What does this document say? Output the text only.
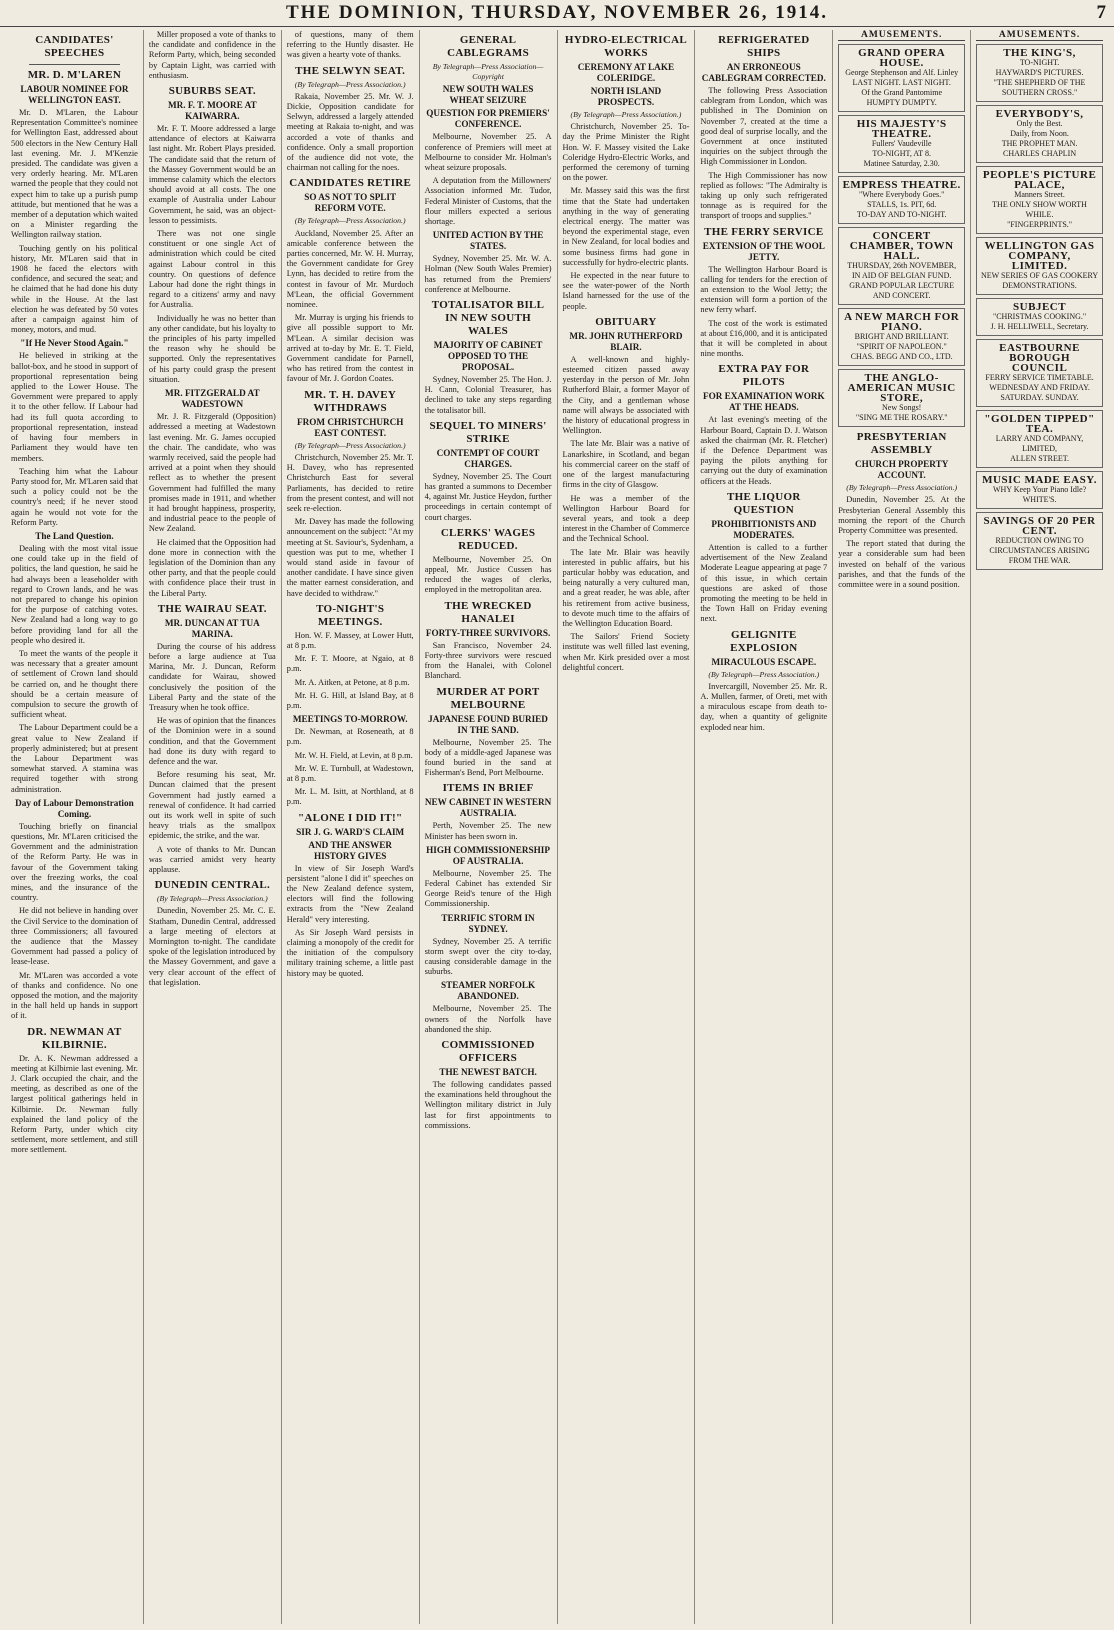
THE DOMINION, THURSDAY, NOVEMBER 26, 1914.	7
CANDIDATES' SPEECHES
MR. D. M'LAREN
LABOUR NOMINEE FOR WELLINGTON EAST.

Mr. D. M'Laren, the Labour Representation Committee's nominee for Wellington East, addressed about 500 electors in the New Century Hall last evening. Mr. J. M'Kenzie presided. The candidate was given a very orderly hearing. Mr. M'Laren warned the people that they could not expect him to take up a purish pump attitude, but mentioned that he was a member of a deputation which waited on a Minister regarding the Wellington railway station.

Touching gently on his political history, Mr. M'Laren said that in 1908 he faced the electors with confidence, and secured the seat; and he claimed that he had done his duty while in the House. At the last election he was defeated by 50 votes after a campaign against him of money, motors, and mud.

"If He Never Stood Again."

He believed in striking at the ballot-box, and he stood in support of proportional representation being applied to the Lower House. The Government were prepared to apply it to the other fellow. If Labour had had its full quota according to proportional representation, instead of having four members in Parliament they would have ten members.

Teaching him what the Labour Party stood for, Mr. M'Laren said that such a policy could not be the country's need; if he never stood again he would not vote for the Reform Party.

The Land Question.

Dealing with the most vital issue one could take up in the field of politics, the land question, he said he had always been a leaseholder with regard to Crown lands, and he was not prepared to change his opinion for the purpose of catching votes. New Zealand had a long way to go before providing land for all the people who desired it.

To meet the wants of the people it was necessary that a greater amount of settlement of Crown land should be carried on, and he thought there should be a certain measure of compulsion to secure the growth of sufficient wheat.

The Labour Department could be a great value to New Zealand if properly administered; but at present the Labour Department was somewhat starved. A stamina was required together with strong administration.

Day of Labour Demonstration Coming.

Touching briefly on financial questions, Mr. M'Laren criticised the Government and the administration of the Reform Party. He was in favour of the Government taking over the freezing works, the coal mines, and the insurance of the country.

He did not believe in handing over the Civil Service to the domination of three Commissioners; all favoured the audience that the Massey Government had passed a policy of lease-lease.

Mr. M'Laren was accorded a vote of thanks and confidence. No one opposed the motion, and the majority in the hall held up hands in support of it.

DR. NEWMAN AT KILBIRNIE.

Dr. A. K. Newman addressed a meeting at Kilbirnie last evening. Mr. J. Clark occupied the chair, and the meeting, as described as one of the largest political gatherings held in Kilbirnie. Dr. Newman fully explained the land policy of the Reform Party, under which city settlement, more settlement, and still more settlement.

Miller proposed a vote of thanks to the candidate and confidence in the Reform Party, which, being seconded by Captain Light, was carried with enthusiasm.

SUBURBS SEAT.
MR. F. T. MOORE AT KAIWARRA.

Mr. F. T. Moore addressed a large attendance of electors at Kaiwarra last night. Mr. Robert Plays presided. The candidate said that the return of the Massey Government would be an immense calamity which the electors should avoid at all costs. The one example of Australia under Labour Government, he said, was an object-lesson to pessimists.

There was not one single constituent or one single Act of administration which could be cited against Labour control in this country. On questions of defence Labour had done the right things in regard to a citizens' army and navy for Australia.

Individually he was no better than any other candidate, but his loyalty to the principles of his party impelled the reason why he should be supported. Only the representatives of his party could grasp the present situation.

MR. FITZGERALD AT WADESTOWN

Mr. J. R. Fitzgerald (Opposition) addressed a meeting at Wadestown last evening. Mr. G. James occupied the chair. The candidate, who was warmly received, said the people had arrived at a point when they should reflect as to whether the present Government had fulfilled the many promises made in 1911, and whether it had brought happiness, prosperity, and industrial peace to the people of New Zealand.

He claimed that the Opposition had done more in connection with the legislation of the Dominion than any other party, and that the people could with confidence place their trust in the Liberal Party.

THE WAIRAU SEAT.
MR. DUNCAN AT TUA MARINA.

During the course of his address before a large audience at Tua Marina, Mr. J. Duncan, Reform candidate for Wairau, showed conclusively the position of the Liberal Party and the state of the Treasury when he took office.

He was of opinion that the finances of the Dominion were in a sound condition, and that the Government had done its duty with regard to defence and the war.

Before resuming his seat, Mr. Duncan claimed that the present Government had justly earned a renewal of confidence. It had carried out its work well in spite of such heavy trials as the smallpox epidemic, the strike, and the war.

A vote of thanks to Mr. Duncan was carried amidst very hearty applause.

DUNEDIN CENTRAL.
(By Telegraph—Press Association.)

Dunedin, November 25. Mr. C. E. Statham, Dunedin Central, addressed a large meeting of electors at Mornington to-night. The candidate spoke of the legislation introduced by the Massey Government, and gave a very clear account of the effect of that legislation.

of questions, many of them referring to the Huntly disaster. He was given a hearty vote of thanks.

THE SELWYN SEAT.
(By Telegraph—Press Association.)

Rakaia, November 25. Mr. W. J. Dickie, Opposition candidate for Selwyn, addressed a largely attended meeting at Rakaia to-night, and was accorded a vote of thanks and confidence. Only a small proportion of the audience did not vote, the chairman not calling for the noes.

CANDIDATES RETIRE
SO AS NOT TO SPLIT REFORM VOTE.
(By Telegraph—Press Association.)

Auckland, November 25. After an amicable conference between the parties concerned, Mr. W. H. Murray, the Government candidate for Grey Lynn, has decided to retire from the contest in favour of Mr. Murdoch M'Lean, the official Government nominee.

Mr. Murray is urging his friends to give all possible support to Mr. M'Lean. A similar decision was arrived at to-day by Mr. E. T. Field, Government candidate for Parnell, who has retired from the contest in favour of Mr. J. Gordon Coates.

MR. T. H. DAVEY WITHDRAWS
FROM CHRISTCHURCH EAST CONTEST.
(By Telegraph—Press Association.)

Christchurch, November 25. Mr. T. H. Davey, who has represented Christchurch East for several Parliaments, has decided to retire from the present contest, and will not seek re-election.

Mr. Davey has made the following announcement on the subject: "At my meeting at St. Saviour's, Sydenham, a question was put to me, whether I would stand aside in favour of another candidate. I have since given the matter earnest consideration, and have decided to withdraw."

TO-NIGHT'S MEETINGS.

Hon. W. F. Massey, at Lower Hutt, at 8 p.m.

Mr. F. T. Moore, at Ngaio, at 8 p.m.

Mr. A. Aitken, at Petone, at 8 p.m.

Mr. H. G. Hill, at Island Bay, at 8 p.m.

MEETINGS TO-MORROW.

Dr. Newman, at Roseneath, at 8 p.m.

Mr. W. H. Field, at Levin, at 8 p.m.

Mr. W. E. Turnbull, at Wadestown, at 8 p.m.

Mr. L. M. Isitt, at Northland, at 8 p.m.

"ALONE I DID IT!"
SIR J. G. WARD'S CLAIM
AND THE ANSWER HISTORY GIVES

In view of Sir Joseph Ward's persistent "alone I did it" speeches on the New Zealand defence system, electors will find the following extracts from the "New Zealand Herald" very interesting.

As Sir Joseph Ward persists in claiming a monopoly of the credit for the initiation of the compulsory military training scheme, a little past history may be quoted.

GENERAL CABLEGRAMS
By Telegraph—Press Association—Copyright
NEW SOUTH WALES WHEAT SEIZURE
QUESTION FOR PREMIERS' CONFERENCE.

Melbourne, November 25. A conference of Premiers will meet at Melbourne to consider Mr. Holman's wheat seizure proposals.

A deputation from the Millowners' Association informed Mr. Tudor, Federal Minister of Customs, that the flour millers expected a serious shortage.

UNITED ACTION BY THE STATES.

Sydney, November 25. Mr. W. A. Holman (New South Wales Premier) has returned from the Premiers' conference at Melbourne.

TOTALISATOR BILL IN NEW SOUTH WALES
MAJORITY OF CABINET OPPOSED TO THE PROPOSAL.

Sydney, November 25. The Hon. J. H. Cann, Colonial Treasurer, has declined to take any steps regarding the totalisator bill.

SEQUEL TO MINERS' STRIKE
CONTEMPT OF COURT CHARGES.

Sydney, November 25. The Court has granted a summons to December 4, against Mr. Justice Heydon, further proceedings in certain contempt of court charges.

CLERKS' WAGES REDUCED.

Melbourne, November 25. On appeal, Mr. Justice Cussen has reduced the wages of clerks, employed in the metropolitan area.

THE WRECKED HANALEI
FORTY-THREE SURVIVORS.

San Francisco, November 24. Forty-three survivors were rescued from the Hanalei, with Colonel Blanchard.

MURDER AT PORT MELBOURNE
JAPANESE FOUND BURIED IN THE SAND.

Melbourne, November 25. The body of a middle-aged Japanese was found buried in the sand at Fisherman's Bend, Port Melbourne.

ITEMS IN BRIEF
NEW CABINET IN WESTERN AUSTRALIA.

Perth, November 25. The new Minister has been sworn in.

HIGH COMMISSIONERSHIP OF AUSTRALIA.

Melbourne, November 25. The Federal Cabinet has extended Sir George Reid's tenure of the High Commissionership.

TERRIFIC STORM IN SYDNEY.

Sydney, November 25. A terrific storm swept over the city to-day, causing considerable damage in the suburbs.

STEAMER NORFOLK ABANDONED.

Melbourne, November 25. The owners of the Norfolk have abandoned the ship.

COMMISSIONED OFFICERS
THE NEWEST BATCH.

The following candidates passed the examinations held throughout the Wellington military district in July last for first appointments to commissions.

HYDRO-ELECTRICAL WORKS
CEREMONY AT LAKE COLERIDGE.
NORTH ISLAND PROSPECTS.
(By Telegraph—Press Association.)

Christchurch, November 25. To-day the Prime Minister the Right Hon. W. F. Massey visited the Lake Coleridge Hydro-Electric Works, and performed the ceremony of turning on the power.

Mr. Massey said this was the first time that the State had undertaken anything in the way of generating electrical energy. The matter was beyond the experimental stage, even in New Zealand, for local bodies and some business firms had gone in successfully for hydro-electric plants.

He expected in the near future to see the water-power of the North Island harnessed for the use of the people.

OBITUARY
MR. JOHN RUTHERFORD BLAIR.

A well-known and highly-esteemed citizen passed away yesterday in the person of Mr. John Rutherford Blair, a former Mayor of the City, and a gentleman whose name will always be associated with the history of educational progress in Wellington.

The late Mr. Blair was a native of Lanarkshire, in Scotland, and began his commercial career on the staff of one of the largest manufacturing firms in the city of Glasgow.

He was a member of the Wellington Harbour Board for several years, and took a deep interest in the Chamber of Commerce and the Technical School.

The late Mr. Blair was heavily interested in public affairs, but his particular hobby was education, and being naturally a very cultured man, and a great reader, he was able, after his retirement from active business, to devote much time to the affairs of the Wellington Education Board.

The Sailors' Friend Society institute was well filled last evening, when Mr. Kirk presided over a most delightful concert.

REFRIGERATED SHIPS
AN ERRONEOUS CABLEGRAM CORRECTED.

The following Press Association cablegram from London, which was published in The Dominion on November 7, created at the time a good deal of surprise locally, and the Government at once instituted inquiries on the subject through the High Commissioner in London.

The High Commissioner has now replied as follows: "The Admiralty is taking up only such refrigerated tonnage as is required for the transport of troops and supplies."

THE FERRY SERVICE
EXTENSION OF THE WOOL JETTY.

The Wellington Harbour Board is calling for tenders for the erection of an extension to the Wool Jetty; the extension will form a portion of the new ferry wharf.

The cost of the work is estimated at about £16,000, and it is anticipated that it will be completed in about nine months.

EXTRA PAY FOR PILOTS
FOR EXAMINATION WORK AT THE HEADS.

At last evening's meeting of the Harbour Board, Captain D. J. Watson asked the chairman (Mr. R. Fletcher) if the Defence Department was paying the pilots anything for carrying out the duty of examination officers at the Heads.

THE LIQUOR QUESTION
PROHIBITIONISTS AND MODERATES.

Attention is called to a further advertisement of the New Zealand Moderate League appearing at page 7 of this issue, in which certain questions are asked of those promoting the meeting to be held in the Town Hall on Friday evening next.

GELIGNITE EXPLOSION
MIRACULOUS ESCAPE.
(By Telegraph—Press Association.)

Invercargill, November 25. Mr. R. A. Mullen, farmer, of Oreti, met with a miraculous escape from death to-day, when a quantity of gelignite exploded near him.

AMUSEMENTS.
GRAND OPERA HOUSE.
George Stephenson and Alf. Linley
LAST NIGHT. LAST NIGHT.
Of the Grand Pantomime
HUMPTY DUMPTY.
HIS MAJESTY'S THEATRE.
Fullers' Vaudeville
TO-NIGHT, AT 8.
Matinee Saturday, 2.30.
EMPRESS THEATRE.
"Where Everybody Goes."
STALLS, 1s. PIT, 6d.
TO-DAY AND TO-NIGHT.
CONCERT CHAMBER, TOWN HALL.
THURSDAY, 26th NOVEMBER,
IN AID OF BELGIAN FUND.
GRAND POPULAR LECTURE AND CONCERT.
A NEW MARCH FOR PIANO.
BRIGHT AND BRILLIANT.
"SPIRIT OF NAPOLEON."
CHAS. BEGG AND CO., LTD.
THE ANGLO-AMERICAN MUSIC STORE,
New Songs!
"SING ME THE ROSARY."
PRESBYTERIAN ASSEMBLY
CHURCH PROPERTY ACCOUNT.
(By Telegraph—Press Association.)

Dunedin, November 25. At the Presbyterian General Assembly this morning the report of the Church Property Committee was presented.

The report stated that during the year a considerable sum had been invested on behalf of the various parishes, and that the funds of the committee were in a sound position.

AMUSEMENTS.
THE KING'S,
TO-NIGHT.
HAYWARD'S PICTURES.
"THE SHEPHERD OF THE SOUTHERN CROSS."
EVERYBODY'S,
Only the Best.
Daily, from Noon.
THE PROPHET MAN.
CHARLES CHAPLIN
PEOPLE'S PICTURE PALACE,
Manners Street.
THE ONLY SHOW WORTH WHILE.
"FINGERPRINTS."
WELLINGTON GAS COMPANY, LIMITED.
NEW SERIES OF GAS COOKERY DEMONSTRATIONS.
SUBJECT
"CHRISTMAS COOKING."
J. H. HELLIWELL, Secretary.
EASTBOURNE BOROUGH COUNCIL
FERRY SERVICE TIMETABLE.
WEDNESDAY AND FRIDAY.
SATURDAY. SUNDAY.
"GOLDEN TIPPED" TEA.
LARRY AND COMPANY, LIMITED,
ALLEN STREET.
MUSIC MADE EASY.
WHY Keep Your Piano Idle?
WHITE'S.
SAVINGS OF 20 PER CENT.
REDUCTION OWING TO CIRCUMSTANCES ARISING FROM THE WAR.
